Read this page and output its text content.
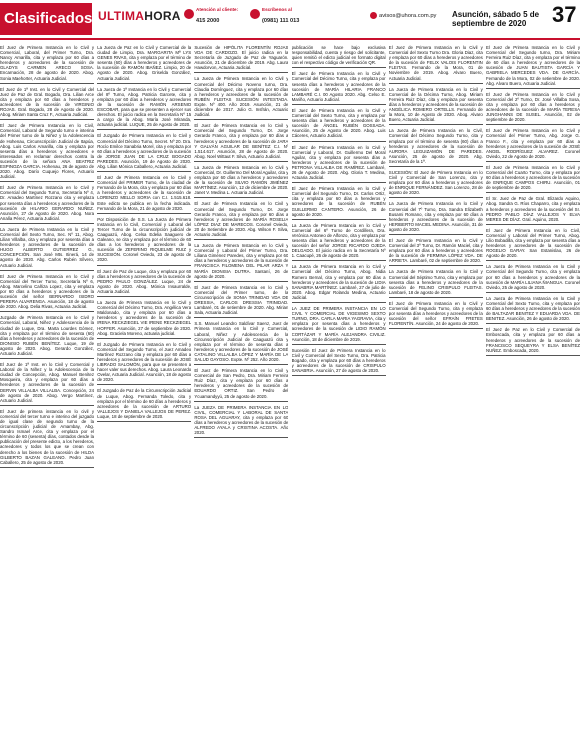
Clasificados ULTIMAHORA	Atención al cliente:
415 2000
Escríbenos al
(0981) 111 013
avisos@uhora.com.py Asunción, sábado 5 de septiembre de 2020	37
El Juez de Primera Instancia en lo Civil y Comercial, Laboral, del Primer Turno, Dra. Nancy Amarilla, cita y emplaza por 60 días a herederos y acreedores de la sucesión de GLADYS CARMEN ARECO SOSA. Encarnación, 28 de agosto de 2020. Abog. Sonia Maehorter, Actuaria Judicial.
El Juez de 1ª Inst. en lo Civil y Comercial del Juez de Paz de Gral. Bogado, Dra. Lilian Arce cita y emplaza por 60 días a herederos y acreedores de la sucesión de VIRGINIO ROJAS. Gral. Bogado, 28 de Agosto de 2020. Abog. Miriam Santa Cruz F., Actuaria Judicial.
El Juez de Primera Instancia en lo Civil, Comercial, Laboral de Segundo turno e interina del Primer turno de la Niñez y la Adolescencia de Hohenau, Circunscripción Judicial de Itapúa, Abog. Luis Carlos Amarilla, cita y emplaza por sesenta días a herederos y acreedores e interesados en reclamar derechos contra la sucesión de la señora ANA BEATRIZ ESPINOZA GARCIA. Hohenau, 26 de agosto de 2020. Abog. Darío Cuquejo Flores, Actuario Judicial.
El Juez de Primera Instancia en lo Civil y Comercial del Segundo Turno, Secretaría Nº 4, Dr. Amadeo Martínez Rozzano cita y emplaza por sesenta días a herederos y acreedores de la sucesión de HILARIO GERARDO NUÑEZ. Asunción, 27 de Agosto de 2020. Abog. Nora Analía Pérez, Actuaria Judicial.
La Jueza de Primera Instancia en lo Civil y Comercial del Sexto Turno, Sec. Nº 11, Abog. Lilian Villalba, cita y emplaza por sesenta días a herederos y acreedores de la sucesión de HUGO ALBERTO GUTIERREZ G., CONCEPCIÓN. San José Mts. Itinerá, 14 de agosto de 2020. Abg. Carlos Rubén Sílvero, Actuario Judicial.
El Juez de Primera Instancia en lo Civil y Comercial del Tercer Turno, Secretaría Nº 6, Abog. Marcelino Cañiza Lopez, cita y emplaza por 60 días a herederos y acreedores de la sucesión del señor BERNARDO ISIDRO PERERA ALVARENGA. Asunción, 18 de agosto de 2020. Abog. Delia Rivas, Actuaria Judicial.
Juzgado de Primera Instancia en lo Civil y Comercial, Laboral, Niñez y Adolescencia de la ciudad de Luque, Dra. Marta Lourdes Gómez, cita y emplaza por el término de sesenta (60) días a herederos y acreedores de la sucesión de DIONISIO RUBÉN BENÍTEZ. Luque, 19 de agosto de 2020. Abog. Gerardo González, Actuario Judicial.
El Juez de 1ª Inst. en lo Civil y Comercial y Laboral de la Niñez y la Adolescencia de la ciudad de Concepción, Abog. Manuel Benítez Mosqueira, cita y emplaza por 60 días a herederos y acreedores de la sucesión de DERVIN VILLALBA VILLALBA. Concepción, 24 de agosto de 2020. Abog. Vergo Martínez, Actuario Judicial.
El Juez de primera instancia en lo civil y comercial del tercer turno e interino del juzgado de igual clase de segundo turno de la circunscripción judicial de Amambay, Abg. Sandro Ismael Arce, cita y emplaza por el término de 60 (sesenta) días, contados desde la publicación del presente edicto, a los herederos, acreedores y todos los que se crean con derecho a los bienes de la sucesión de HILDA GILBERTO BAZAN GALEANO. Pedro Juan Caballero, 25 de agosto de 2020.
La Jueza de Paz en lo Civil y Comercial de la ciudad de Limpio, Dra. MARGARITA Mª LYS GENES RIVAS, cita y emplaza por el término de sesenta (60) días a herederos y acreedores de la sucesión de RAMÓN IBAÑEZ. Limpio, 20 de Agosto de 2020. Abog. Griselda González, Actuaria Judicial.
La Jueza de 1ª Instancia en lo Civil y Comercial del 8º Turno, Abog. Patricia Garcete, cita y emplaza por 60 días a herederos y acreedores de la sucesión de RAMÓN ARSENIO ESCOBAR, para que se presenten a ejercer sus derechos. El juicio radica en la Secretaría Nº 15 a cargo de la Abog. María José Miranda, actuaria judicial. LUQUE, 25 de Agosto de 2020.
El Juzgado de Primera Instancia en lo Civil y Comercial del Décimo Turno, Secret. Nº 20. Dra. Rocío Emilce Sanabria Morel, cita y emplaza por 60 días a herederos y acreedores de la sucesión de JORGE JUAN DE LA CRUZ BOGADO PAREDES. Asunción, 19 de Agosto de 2020. Abg. Lilian Mónica Caballero, Actuaria Judicial.
El Juez de Primera Instancia en lo Civil y Comercial del PRIMER Turno, de la ciudad de Fernando de la Mora, cita y emplaza por 60 días a herederos y acreedores de la sucesión de LORENZO MELLO SORIA con C.I. 1.515.618. Este edicto se publica en la fecha indicada. Fernando de la Mora, 21 de agosto de 2020.
Por Disposición de S.S. La Jueza de Primera Instancia en lo Civil, Comercial y Laboral del Tercer Turno de la circunscripción judicial de Caaguazú, Abog. Celsa Edelia Saaguero de Galeano, se cita y emplaza por el término de 60 días a los herederos y acreedores de la sucesión de ZEFERINO RIQUELME RUIZ y SUCESIÓN. Coronel Oviedo, 23 de agosto de 2020.
El Juez de Paz de Luque, cita y emplaza por 60 días a herederos y acreedores de la sucesión de PEDRO PAULO GONZÁLEZ. Luque, 24 de Agosto de 2020. Abog. Mónica Insaurralde, Actuaria Judicial.
La Jueza de Primera Instancia en lo Civil y Comercial del Décimo Turno, Dra. Angélica Vera Maldonado, cita y emplaza por 60 días a herederos y acreedores de la sucesión de IRENA RECKZIEGEL VIE IRENE RECKZIEGEL HOFFER. Asunción, 27 de septiembre de 2020. Abog. Graciela Moreno, actuaria judicial.
El Juzgado de Primera Instancia en lo Civil y Comercial del Segundo Turno, el Juez Amadeo Martínez Rozzano cita y emplaza por 60 días a herederos y acreedores de la sucesión de JOSÉ LIBRADO SALOMÓN, para que se presenten a hacer valer sus derechos. Abog. Laura Leonardo Ovelar, Actuaria Judicial. Asunción, 18 de agosto de 2020.
El Juzgado de Paz de la Circunscripción Judicial de Luque, Abog. Fernanda Toledo, cita y emplaza por el término de 60 días a herederos y acreedores de la sucesión de ARTURO VALLEJOS Y DANIELA VALLEJOS DE PEREZ. Luque, 18 de septiembre de 2020.
Sucesión de HIPÓLITA FLORENTÍN ROJAS VDA DE CARDOZO. El juicio radica en la Secretaría de Juzgado de Paz de Yaguarón. Asunción, 21 de diciembre de 2019. Abg. Laura Hawdorvon, Actuaria Judicial.
La Jueza de Primera Instancia en lo Civil y Comercial del Décimo Noveno turno, Dra. Claudia Domínguez, cita y emplaza por 60 días a herederos y acreedores de la sucesión de RUBÉN FLEITAS SUCESIÓN INTESTADA. Expte. Nº 400. Año 2019. Asunción, 21 de diciembre de 2017. Julio G. Insfrán, Actuario Judicial.
El Juez de Primera Instancia en lo Civil y Comercial del Segundo Turno, Dr. Jorge Gerardo Franco, cita y emplaza por 60 días a herederos y acreedores de la sucesión de JARA Y GALVÁN AGUILAR DE BENÍTEZ C.I. Nº 1.514.617. Asunción, 28 de Agosto de 2020. Abog. Noel Wittaut F. Silva, Actuario Judicial.
La Jueza de Primera Instancia en lo Civil y Comercial, Dr. Guillermo Del Moral Aguilar, cita y emplaza por 60 días a herederos y acreedores de la sucesión de SILVIO RAMÓN JIMÉNEZ MARTÍNEZ. Asunción, 12 de diciembre de 2020. Janet V. Medina L. Actuaria Judicial.
El Juez de Primera Instancia en lo Civil y Comercial del Segundo Turno, Dr. Jorge Gerardo Franco, cita y emplaza por 60 días a herederos y acreedores de MARÍA ROSELIA LÓPEZ DIAZ DE MARECOS. Coronel Oviedo, 20 de Setiembre de 2020. Abg. Wilson F. Silva, Actuario Judicial.
La Jueza de Primera Instancia en lo Civil y Comercial y Laboral del Primer Turno, Dra. Liliana Giménez Paredes, cita y emplaza por 60 días a herederos y acreedores de la sucesión de FRANCISCA FILOMENA DEL PILAR ARZA Y MARÍA DIONISIA DUTRA. Santaní, 26 de agosto de 2020.
El Juez de Primera Instancia en lo Civil y Comercial del Primer turno, de la Circunscripción de SONIA TRINIDAD VDA DE DRESSIA, CARLOS DRESSIA TRINIDAD. Lambaré, 01 de setiembre de 2020. Abg. Mirian Sala, Actuaria Judicial.
S.S. Manuel Leandro Saldívar Saenz, Juez de Primera Instancia en lo Civil y Comercial, Laboral, Niñez y Adolescencia de la Circunscripción Judicial de Caaguazú cita y emplaza por el término de sesenta días a herederos y acreedores de la sucesión de JOSÉ CATALINO VILLALBA LÓPEZ Y MARÍA DE LA SALUD GAYOSO. Expte. Nº 252. Año 2020.
El Juez de Primera Instancia en lo Civil y Comercial de San Pedro, Dra. Miriam Ferreira Ruiz Díaz, cita y emplaza por 60 días a herederos y acreedores de la sucesión de EDUARDO ORTIZ. San Pedro del Ycuamandyyú, 25 de agosto de 2020.
La JUEZA DE PRIMERA INSTANCIA EN LO CIVIL, COMERCIAL Y LABORAL DE SANTA ROSA DEL AGUARAY, cita y emplaza por 60 días a herederos y acreedores de la sucesión de ALFREDO AYALA y CRISTINA ACOSTA. Año 2020.
publicación se hace bajo exclusiva responsabilidad, cuenta y riesgo del solicitante, quien remitió el edicto judicial en formato digital con el respectivo código de verificación QR.
El Juez de Primera Instancia en lo Civil y Comercial del Décimo Turno, cita y emplaza por sesenta días a herederos y acreedores de la sucesión de MARÍA HILARIA FRANCO LAMBARÉ C.I. 00 Agosto 2020. Abg. Celso E. Mariño, Actuario Judicial.
El Juez de Primera Instancia en lo Civil y Comercial del Sexto Turno, cita y emplaza por sesenta días a herederos y acreedores de la sucesión de ÁNGEL RUBÉN GOSSADA. Asunción, 25 de Agosto de 2020. Abog. Luis Cáceres, Actuario Judicial.
El Juez de Primera Instancia en lo Civil y Comercial y Laboral, Dr. Guillermo Del Moral Aguilar, cita y emplaza por sesenta días a herederos y acreedores de la sucesión de PETRONA VILLALBA DE RAMÍREZ. Lambaré, 26 de Agosto de 2020. Abg. Gloria T. Medina, Actuaria Judicial.
El Juez de Primera Instancia en lo Civil y Comercial del Segundo Turno, Dr. Carlos Ortiz, cita y emplaza por 60 días a herederos y acreedores de la sucesión de RUBÉN GUILLERMO CANTERO. Asunción, 26 de agosto de 2020.
La Jueza de Primera Instancia en lo Civil y Comercial del 6º Turno de Cordillera, Dra. Verónica Antoneo de Alfonzo, cita y emplaza por sesenta días a herederos y acreedores de la sucesión del señor JORGE RICARDO OJEDA DELGADO. El juicio radica en la Secretaría Nº 1. Caacupé, 26 de agosto de 2020.
La Jueza de Primera Instancia en lo Civil y Comercial del Décimo Turno, Abog. Nidia Romero Bernal, cita y emplaza por 60 días a herederos y acreedores de la sucesión de LIDIA SANABRIA MARTÍNEZ. Lambaré, 27 de julio de 2020. Abog. Edgar Rolando Medina, Actuario Judicial.
LA JUEZ DE PRIMERA INSTANCIA EN LO CIVIL Y COMERCIAL DE VIGESIMO SEXTO TURNO, DRA. CARLA MARIA YAGRAVIA, cita y emplaza por sesenta días a herederos y acreedores de la sucesión de LIDIO RAMÓN CORTÁZAR Y MARÍA ALEJANDRA CIVILIZ. Asunción, 18 de diciembre de 2019.
Sucesión El Juez de Primera Instancia en lo Civil y Comercial del Sexto Turno, Dra. Patricia Bogado, cita y emplaza por 60 días a herederos y acreedores de la sucesión de CRISPULO SANABRIA. Asunción, 27 de agosto de 2020.
El Juez de Primera Instancia en lo Civil y Comercial del Sexto Turno Dra. Gloria Diaz, cita y emplaza por 60 días a herederos y acreedores de la sucesión de FELIX VALOIS FLORENTIN FLEITAS. Fernando de la Mora, 01 de Noviembre de 2019. Abog. Alvaro Buero, Actuaria Judicial.
La Jueza de Primera Instancia en lo Civil y Comercial de la Décima Turno, Abog. Miriam Ferreira Ruiz Díaz, cita y emplaza por sesenta días a herederos y acreedores de la sucesión de ANGÉLICA ROMERO ORTELLS. Fernando de la Mora, 10 de Agosto de 2020. Abog. Alvaro Buero, Actuaria Judicial.
La Jueza de Primera Instancia en lo Civil, Comercial del Décimo Segundo Turno, cita y emplaza por el término de sesenta (60) días a herederos y acreedores de la sucesión de AURORA LEGUIZAMÓN DE PAREDES. Asunción, 25 de agosto de 2020. Abg. Secretaría de la 1ª.
SUCESIÓN: El Juez de Primera Instancia en lo Civil y Comercial de San Lorenzo, cita y emplaza por 60 días a herederos y acreedores de ENRIQUE FERNÁNDEZ. San Lorenzo, 28 de agosto de 2020.
La Jueza de Primera Instancia en lo Civil y Comercial del 7º Turno, Dra. Sandra Elizabeth Busami Romano, cita y emplaza por 60 días a herederos y acreedores de la sucesión de HERIBERTO MACIEL MEDINA. Asunción, 31 de agosto de 2020.
El Juez de Primera Instancia en lo Civil y Comercial del 3º Turno, Dr. Ramón Maciel, cita y emplaza por 60 días a herederos y acreedores de la sucesión de FERMINA LÓPEZ VDA. DE ARRIETA. Lambaré, 02 de septiembre de 2020.
La Jueza de Primera Instancia en lo Civil y Comercial del Séptimo Turno, cita y emplaza por sesenta días a herederos y acreedores de la sucesión de FELINO CRISPULO FLEITAS. Lambaré, 18 de agosto de 2020.
El Juez de Primera Instancia en lo Civil y Comercial del Segundo Turno, cita y emplaza por sesenta días a herederos y acreedores de la sucesión del señor EFRAÍN FRETES FLORENTÍN. Asunción, 24 de agosto de 2020.
El Juez de Primera Instancia en lo Civil y Comercial del Segundo turno, Dra. Miriam Ferreira Ruiz Díaz, cita y emplaza por el término de 60 días a herederos y acreedores de la sucesión de JUAN BAUTISTA GARCÍA Y GABRIELA MERCEDES VDA. DE GARCÍA. Fernando de la Mora, 02 de setiembre de 2020. Abg. Alvaro Buero, Actuaria Judicial.
El Juez de Primera Instancia en lo Civil y Comercial del 2º Turno, Dr. José Villalba Sosa, cita y emplaza por 60 días a herederos y acreedores de la sucesión de MARÍA TERESA JUNGHANNS DE SUSEL. Asunción, 02 de septiembre de 2020.
El Juez de Primera Instancia en lo Civil y Comercial del Primer Turno, Abg. Jorge G. Franco F., cita y emplaza por 60 días a herederos y acreedores de la sucesión de JOSÉ ANGEL RODRÍGUEZ ALVAREZ. Coronel Oviedo, 22 de Agosto de 2020.
El Juez de Primera Instancia en lo Civil y Comercial del Cuarto Turno, cita y emplaza por 60 días a herederos y acreedores de la sucesión de ENRIQUE CAMPOS CHIRU. Asunción, 01 de septiembre de 2020.
El Sr. Juez de Paz de Gral. Elizardo Aquino, Abog. Sandra G. Ríos Chaparro, cita y emplaza a herederos y acreedores de la sucesión del Sr. PEDRO PABLO DÍAZ VALLEJOS Y ELVA MERES DE DÍAZ. Gral. Aquino, 2020.
El Juez de Primera Instancia en lo Civil, Comercial y Laboral del Primer Turno, Abog. Lilio Bobadilla, cita y emplaza por sesenta días a herederos y acreedores de la sucesión de ROGELIO GARAY. San Estanislao, 26 de Agosto de 2020.
La Jueza de Primera Instancia en lo Civil y Comercial del Segundo Turno, cita y emplaza por 60 días a herederos y acreedores de la sucesión de MARÍA LILIANA ÑIANGUA. Coronel Oviedo, 25 de agosto de 2020.
La Jueza de Primera Instancia en lo Civil y Comercial del Sexto Turno, cita y emplaza por 60 días a herederos y acreedores de la sucesión de BALTAZAR BENITEZ Y EDUARDA VDA. DE BENITEZ. Asunción, 26 de agosto de 2020.
El Juez de Paz en lo Civil y Comercial de Emboscada, cita y emplaza por 60 días a herederos y acreedores de la sucesión de FRANCISCO SEQUEYRA Y ELSA BENÍTEZ NUÑEZ. Emboscada, 2020.
